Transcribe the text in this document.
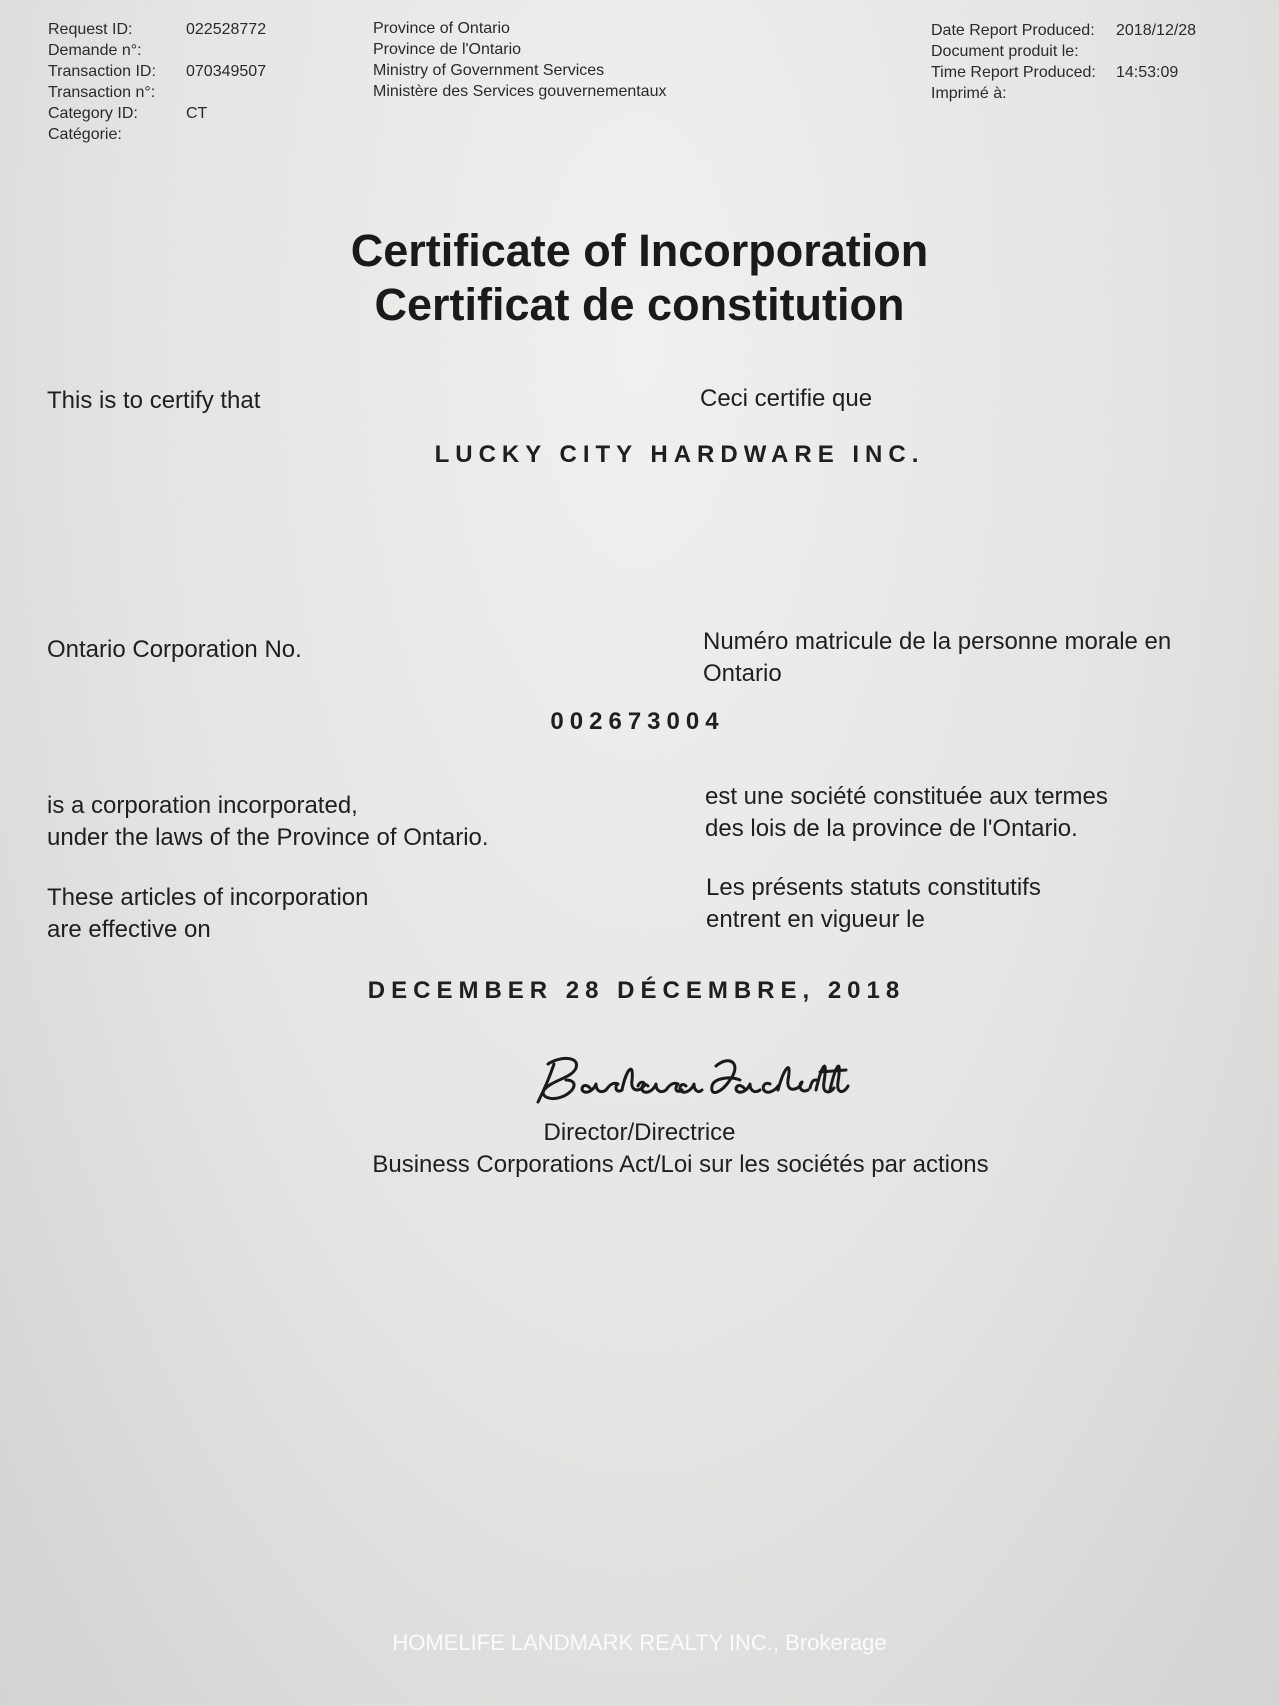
Request ID:	022528772
Demande n°:
Transaction ID:	070349507
Transaction n°:
Category ID:	CT
Catégorie:
Province of Ontario
Province de l'Ontario
Ministry of Government Services
Ministère des Services gouvernementaux
Date Report Produced:	2018/12/28
Document produit le:
Time Report Produced:	14:53:09
Imprimé à:
Certificate of Incorporation
Certificat de constitution
This is to certify that	Ceci certifie que
LUCKY CITY HARDWARE INC.
Ontario Corporation No.	Numéro matricule de la personne morale en
Ontario
002673004
is a corporation incorporated,
under the laws of the Province of Ontario.
est une société constituée aux termes
des lois de la province de l'Ontario.
These articles of incorporation
are effective on
Les présents statuts constitutifs
entrent en vigueur le
DECEMBER 28 DÉCEMBRE, 2018
Director/Directrice
Business Corporations Act/Loi sur les sociétés par actions
HOMELIFE LANDMARK REALTY INC., Brokerage
